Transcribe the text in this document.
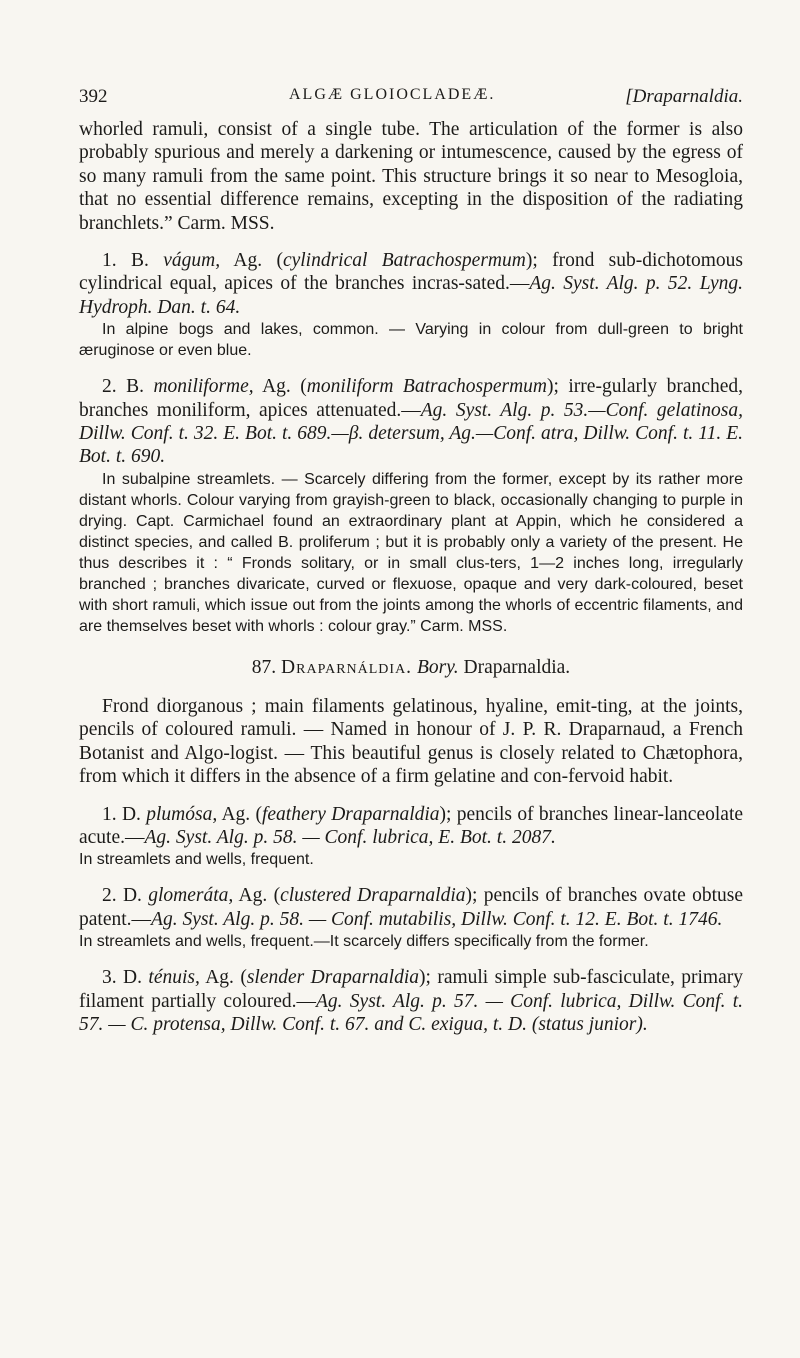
392	ALGÆ GLOIOCLADEÆ.	[Draparnaldia.

whorled ramuli, consist of a single tube. The articulation of the former is also probably spurious and merely a darkening or intumescence, caused by the egress of so many ramuli from the same point. This structure brings it so near to Mesogloia, that no essential difference remains, excepting in the disposition of the radiating branchlets.” Carm. MSS.

1. B. vágum, Ag. (cylindrical Batrachospermum); frond sub-dichotomous cylindrical equal, apices of the branches incras-sated.—Ag. Syst. Alg. p. 52. Lyng. Hydroph. Dan. t. 64.

In alpine bogs and lakes, common. — Varying in colour from dull-green to bright æruginose or even blue.

2. B. moniliforme, Ag. (moniliform Batrachospermum); irre-gularly branched, branches moniliform, apices attenuated.—Ag. Syst. Alg. p. 53.—Conf. gelatinosa, Dillw. Conf. t. 32. E. Bot. t. 689.—β. detersum, Ag.—Conf. atra, Dillw. Conf. t. 11. E. Bot. t. 690.

In subalpine streamlets. — Scarcely differing from the former, except by its rather more distant whorls. Colour varying from grayish-green to black, occasionally changing to purple in drying. Capt. Carmichael found an extraordinary plant at Appin, which he considered a distinct species, and called B. proliferum ; but it is probably only a variety of the present. He thus describes it : “ Fronds solitary, or in small clus-ters, 1—2 inches long, irregularly branched ; branches divaricate, curved or flexuose, opaque and very dark-coloured, beset with short ramuli, which issue out from the joints among the whorls of eccentric filaments, and are themselves beset with whorls : colour gray.” Carm. MSS.

87. Draparnáldia. Bory. Draparnaldia.

Frond diorganous ; main filaments gelatinous, hyaline, emit-ting, at the joints, pencils of coloured ramuli. — Named in honour of J. P. R. Draparnaud, a French Botanist and Algo-logist. — This beautiful genus is closely related to Chætophora, from which it differs in the absence of a firm gelatine and con-fervoid habit.

1. D. plumósa, Ag. (feathery Draparnaldia); pencils of branches linear-lanceolate acute.—Ag. Syst. Alg. p. 58. — Conf. lubrica, E. Bot. t. 2087.

In streamlets and wells, frequent.

2. D. glomeráta, Ag. (clustered Draparnaldia); pencils of branches ovate obtuse patent.—Ag. Syst. Alg. p. 58. — Conf. mutabilis, Dillw. Conf. t. 12. E. Bot. t. 1746.

In streamlets and wells, frequent.—It scarcely differs specifically from the former.

3. D. ténuis, Ag. (slender Draparnaldia); ramuli simple sub-fasciculate, primary filament partially coloured.—Ag. Syst. Alg. p. 57. — Conf. lubrica, Dillw. Conf. t. 57. — C. protensa, Dillw. Conf. t. 67. and C. exigua, t. D. (status junior).
